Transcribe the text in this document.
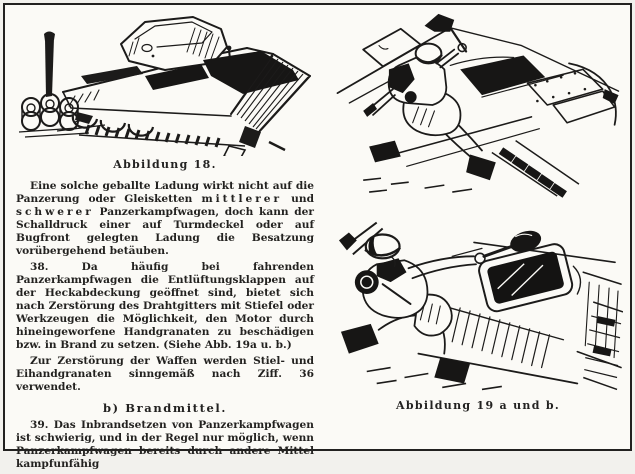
Abbildung 18.

Eine solche geballte Ladung wirkt nicht auf die Panzerung oder Gleisketten mittlerer und schwerer Panzerkampfwagen, doch kann der Schalldruck einer auf Turmdeckel oder auf Bugfront gelegten Ladung die Besatzung vorübergehend betäuben.

38. Da häufig bei fahrenden Panzerkampfwagen die Entlüftungsklappen auf der Heckabdeckung geöffnet sind, bietet sich nach Zerstörung des Drahtgitters mit Stiefel oder Werkzeugen die Möglichkeit, den Motor durch hineingeworfene Handgranaten zu beschädigen bzw. in Brand zu setzen. (Siehe Abb. 19a u. b.)

Zur Zerstörung der Waffen werden Stiel- und Eihandgranaten sinngemäß nach Ziff. 36 verwendet.

b) Brandmittel.

39. Das Inbrandsetzen von Panzerkampfwagen ist schwierig, und in der Regel nur möglich, wenn Panzerkampfwagen bereits durch andere Mittel kampfunfähig

Abbildung 19 a und b.
